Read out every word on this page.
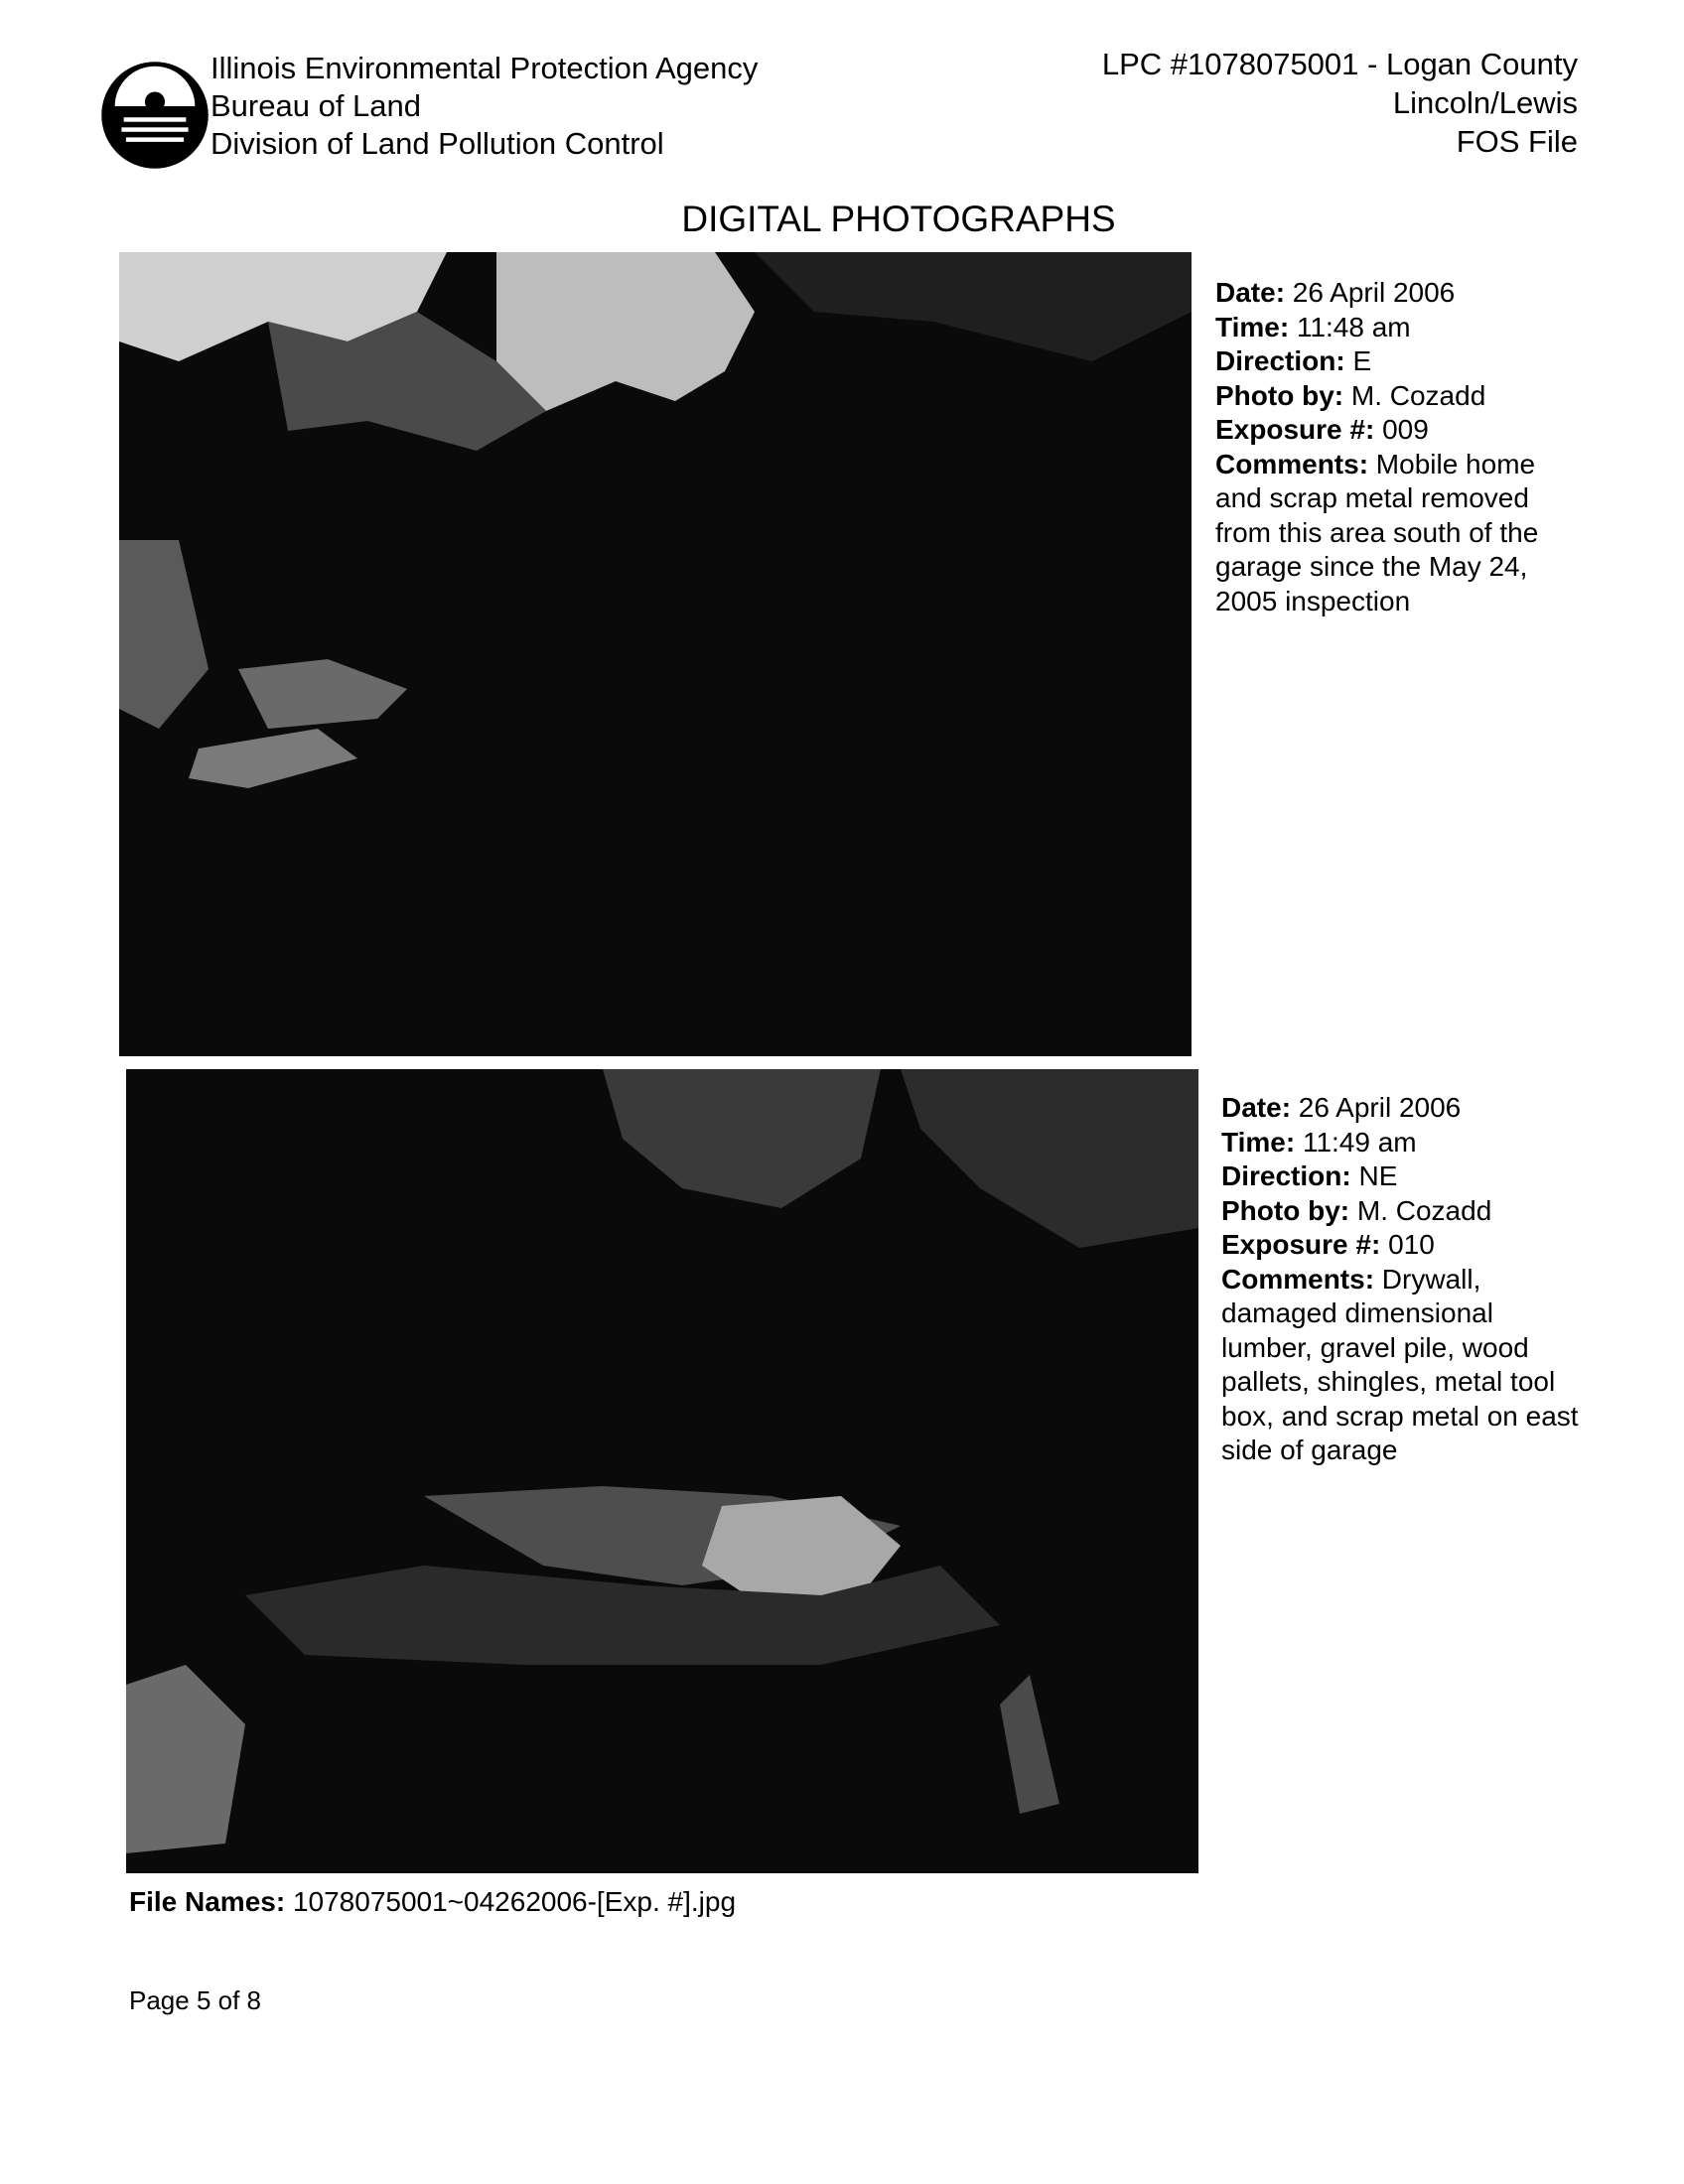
Illinois Environmental Protection Agency
Bureau of Land
Division of Land Pollution Control
LPC #1078075001 - Logan County
Lincoln/Lewis
FOS File
DIGITAL PHOTOGRAPHS
Date: 26 April 2006
Time: 11:48 am
Direction: E
Photo by: M. Cozadd
Exposure #: 009
Comments: Mobile home and scrap metal removed from this area south of the garage since the May 24, 2005 inspection
Date: 26 April 2006
Time: 11:49 am
Direction: NE
Photo by: M. Cozadd
Exposure #: 010
Comments: Drywall, damaged dimensional lumber, gravel pile, wood pallets, shingles, metal tool box, and scrap metal on east side of garage
File Names: 1078075001~04262006-[Exp. #].jpg
Page 5 of 8
